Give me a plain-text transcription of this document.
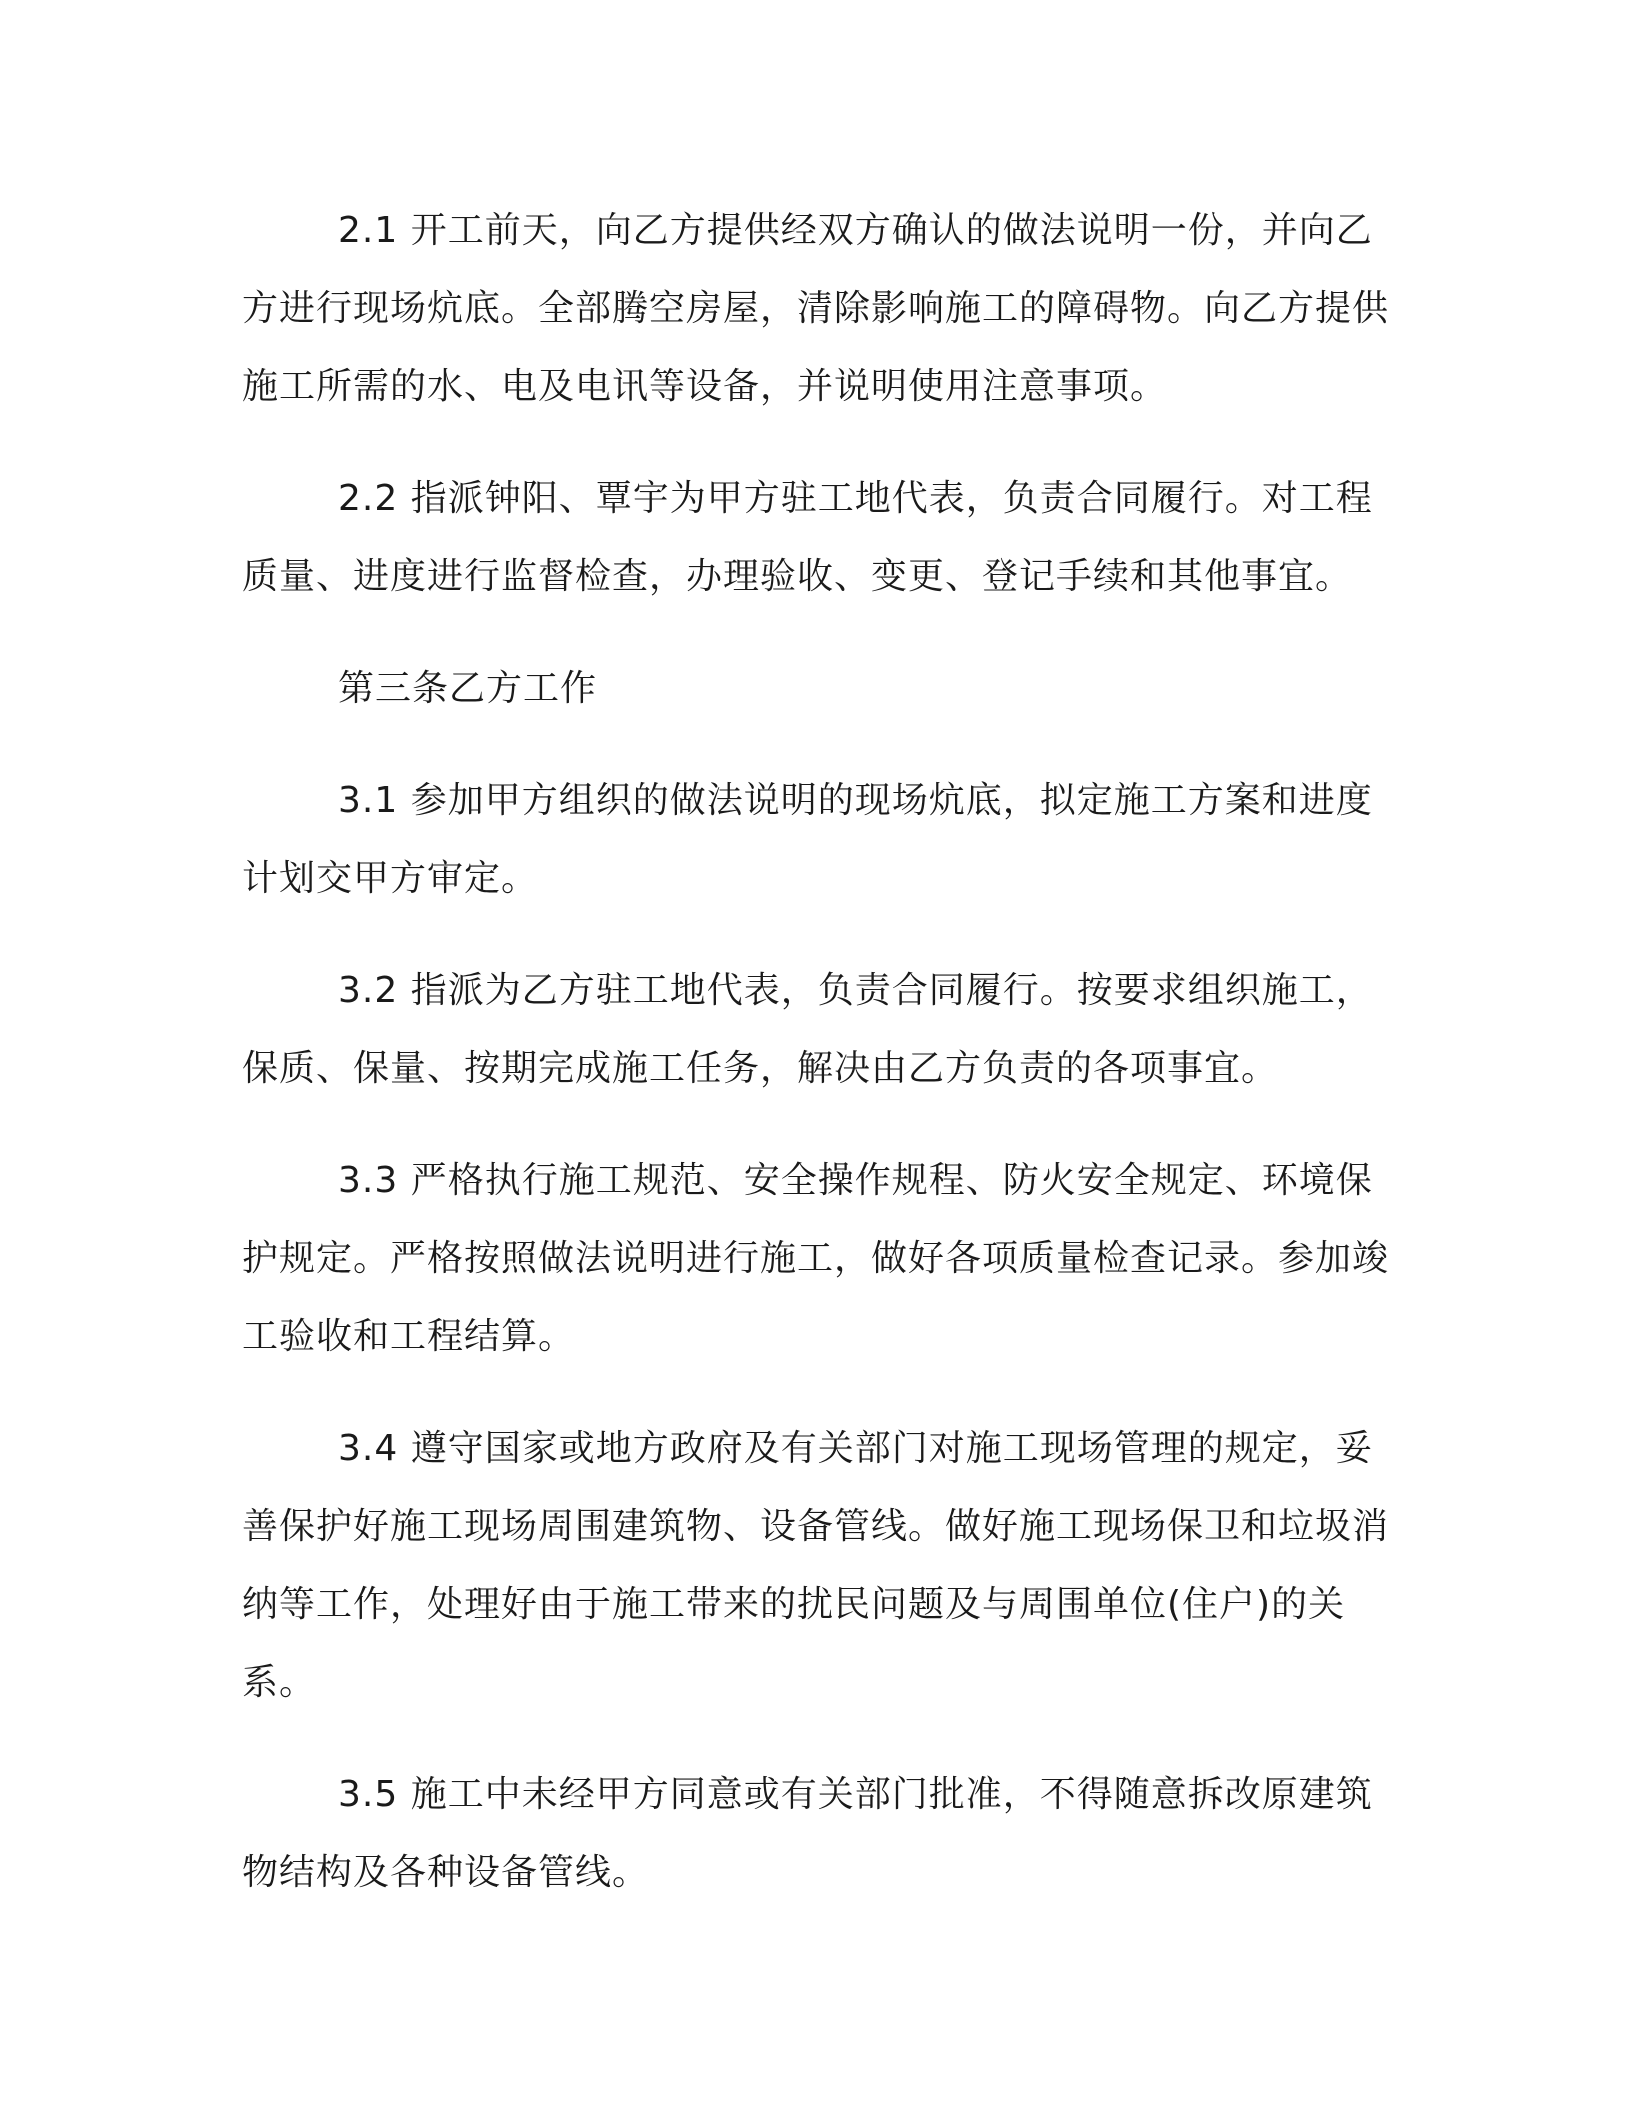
2.1 开工前天，向乙方提供经双方确认的做法说明一份，并向乙方进行现场炕底。全部腾空房屋，清除影响施工的障碍物。向乙方提供施工所需的水、电及电讯等设备，并说明使用注意事项。

2.2 指派钟阳、覃宇为甲方驻工地代表，负责合同履行。对工程质量、进度进行监督检查，办理验收、变更、登记手续和其他事宜。

第三条乙方工作

3.1 参加甲方组织的做法说明的现场炕底，拟定施工方案和进度计划交甲方审定。

3.2 指派为乙方驻工地代表，负责合同履行。按要求组织施工，保质、保量、按期完成施工任务，解决由乙方负责的各项事宜。

3.3 严格执行施工规范、安全操作规程、防火安全规定、环境保护规定。严格按照做法说明进行施工，做好各项质量检查记录。参加竣工验收和工程结算。

3.4 遵守国家或地方政府及有关部门对施工现场管理的规定，妥善保护好施工现场周围建筑物、设备管线。做好施工现场保卫和垃圾消纳等工作，处理好由于施工带来的扰民问题及与周围单位(住户)的关系。

3.5 施工中未经甲方同意或有关部门批准，不得随意拆改原建筑物结构及各种设备管线。
